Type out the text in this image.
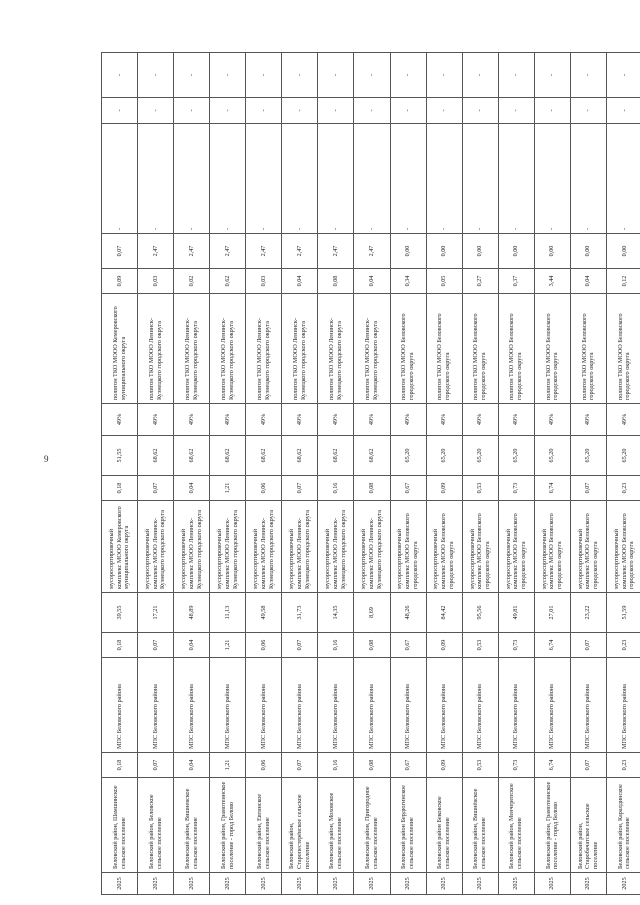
9
2025	Беловский район, Шамшинское сельское поселение	0,18	МПС Беловского района	0,18	39,55	мусоросортировочный комплекс МООО Кемеровского муниципального округа	0,18	51,55	49%	полигон ТКО МООО Кемеровского муниципального округа	0,09	0,07	-	-	-
2025	Беловский район, Беловское сельское поселение	0,07	МПС Беловского района	0,07	17,21	мусоросортировочный комплекс МООО Ленинск-Кузнецкого городского округа	0,07	68,62	49%	полигон ТКО МООО Ленинск-Кузнецкого городского округа	0,03	2,47	-	-	-
2025	Беловский район, Вишневское сельское поселение	0,04	МПС Беловского района	0,04	48,89	мусоросортировочный комплекс МООО Ленинск-Кузнецкого городского округа	0,04	68,62	49%	полигон ТКО МООО Ленинск-Кузнецкого городского округа	0,02	2,47	-	-	-
2025	Беловский район, Грамотеинское поселение - город Белово	1,21	МПС Беловского района	1,21	11,13	мусоросортировочный комплекс МООО Ленинск-Кузнецкого городского округа	1,21	68,62	49%	полигон ТКО МООО Ленинск-Кузнецкого городского округа	0,62	2,47	-	-	-
2025	Беловский район, Евтинское сельское поселение	0,06	МПС Беловского района	0,06	49,58	мусоросортировочный комплекс МООО Ленинск-Кузнецкого городского округа	0,06	68,62	49%	полигон ТКО МООО Ленинск-Кузнецкого городского округа	0,03	2,47	-	-	-
2025	Беловский район, Старопестерёвское сельское поселение	0,07	МПС Беловского района	0,07	31,73	мусоросортировочный комплекс МООО Ленинск-Кузнецкого городского округа	0,07	68,62	49%	полигон ТКО МООО Ленинск-Кузнецкого городского округа	0,04	2,47	-	-	-
2025	Беловский район, Моховское сельское поселение	0,16	МПС Беловского района	0,16	14,35	мусоросортировочный комплекс МООО Ленинск-Кузнецкого городского округа	0,16	68,62	49%	полигон ТКО МООО Ленинск-Кузнецкого городского округа	0,08	2,47	-	-	-
2025	Беловский район, Пригородное сельское поселение	0,08	МПС Беловского района	0,08	8,69	мусоросортировочный комплекс МООО Ленинск-Кузнецкого городского округа	0,08	68,62	49%	полигон ТКО МООО Ленинск-Кузнецкого городского округа	0,04	2,47	-	-	-
2025	Беловский район Бердюгинское сельское поселение	0,67	МПС Беловского района	0,67	48,26	мусоросортировочный комплекс МООО Беловского городского округа	0,67	65,20	49%	полигон ТКО МООО Беловского городского округа	0,34	0,00	-	-	-
2025	Беловский район Бековское сельское поселение	0,09	МПС Беловского района	0,09	84,42	мусоросортировочный комплекс МООО Беловского городского округа	0,09	65,20	49%	полигон ТКО МООО Беловского городского округа	0,05	0,00	-	-	-
2025	Беловский район, Вишнёвское сельское поселение	0,53	МПС Беловского района	0,53	95,56	мусоросортировочный комплекс МООО Беловского городского округа	0,53	65,20	49%	полигон ТКО МООО Беловского городского округа	0,27	0,00	-	-	-
2025	Беловский район, Менчерепское сельское поселение	0,73	МПС Беловского района	0,73	49,81	мусоросортировочный комплекс МООО Беловского городского округа	0,73	65,20	49%	полигон ТКО МООО Беловского городского округа	0,37	0,00	-	-	-
2025	Беловский район, Грамотеинское поселение - город Белово	6,74	МПС Беловского района	6,74	27,01	мусоросортировочный комплекс МООО Беловского городского округа	6,74	65,20	49%	полигон ТКО МООО Беловского городского округа	3,44	0,00	-	-	-
2025	Беловский район, Старобачатское сельское поселение	0,07	МПС Беловского района	0,07	23,22	мусоросортировочный комплекс МООО Беловского городского округа	0,07	65,20	49%	полигон ТКО МООО Беловского городского округа	0,04	0,00	-	-	-
2025	Беловский район, Каралдинское сельское поселение	0,23	МПС Беловского района	0,23	51,59	мусоросортировочный комплекс МООО Беловского городского округа	0,23	65,20	49%	полигон ТКО МООО Беловского городского округа	0,12	0,00	-	-	-
